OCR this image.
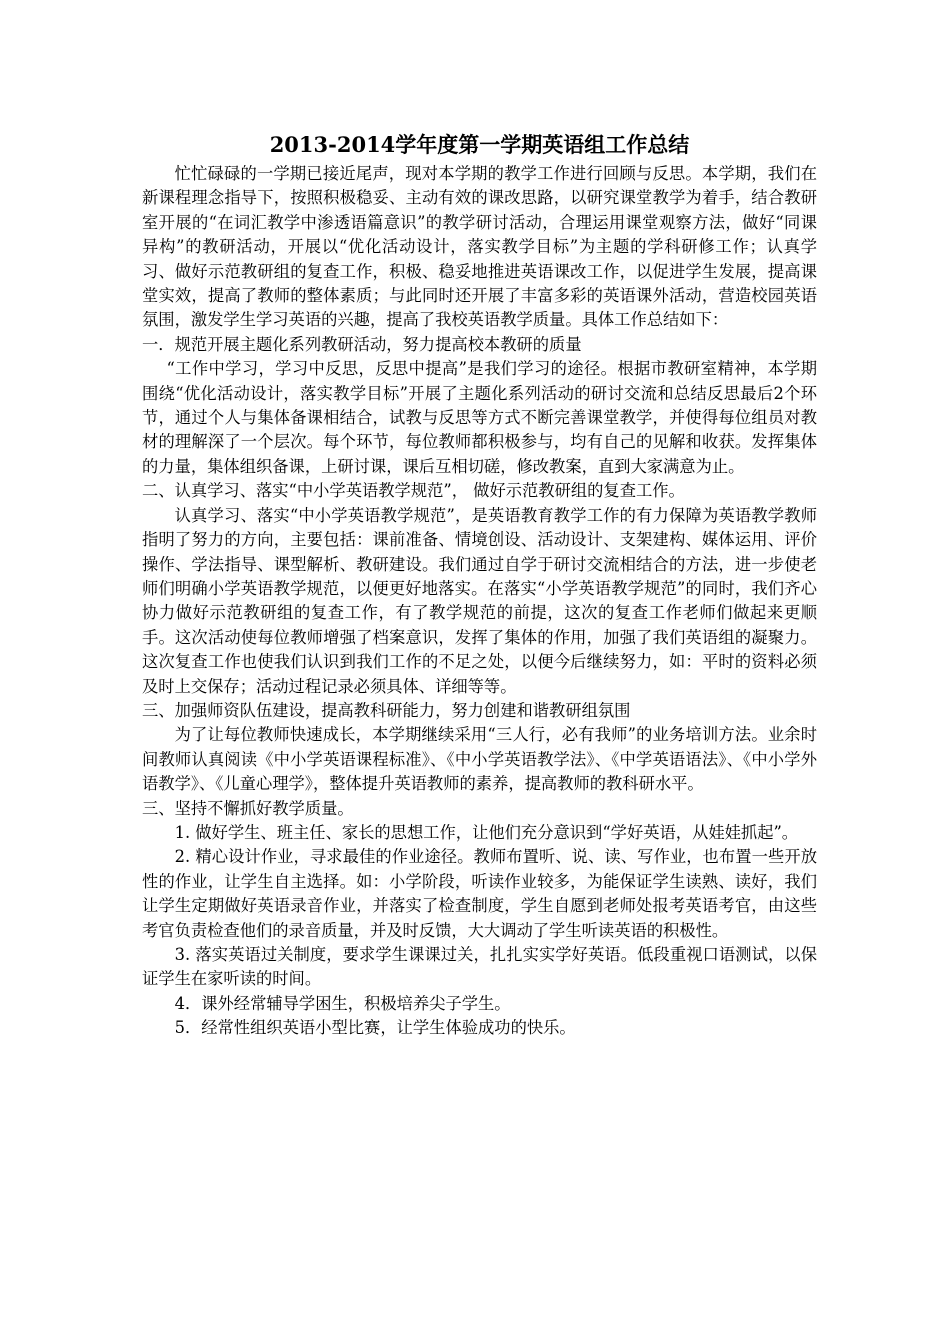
2013-2014学年度第一学期英语组工作总结

忙忙碌碌的一学期已接近尾声，现对本学期的教学工作进行回顾与反思。本学期，我们在新课程理念指导下，按照积极稳妥、主动有效的课改思路，以研究课堂教学为着手，结合教研室开展的“在词汇教学中渗透语篇意识”的教学研讨活动，合理运用课堂观察方法，做好“同课异构”的教研活动，开展以“优化活动设计，落实教学目标”为主题的学科研修工作；认真学习、做好示范教研组的复查工作，积极、稳妥地推进英语课改工作，以促进学生发展，提高课堂实效，提高了教师的整体素质；与此同时还开展了丰富多彩的英语课外活动，营造校园英语氛围，激发学生学习英语的兴趣，提高了我校英语教学质量。具体工作总结如下：

一．规范开展主题化系列教研活动，努力提高校本教研的质量

“工作中学习，学习中反思，反思中提高”是我们学习的途径。根据市教研室精神，本学期围绕“优化活动设计，落实教学目标”开展了主题化系列活动的研讨交流和总结反思最后2个环节，通过个人与集体备课相结合，试教与反思等方式不断完善课堂教学，并使得每位组员对教材的理解深了一个层次。每个环节，每位教师都积极参与，均有自己的见解和收获。发挥集体的力量，集体组织备课，上研讨课，课后互相切磋，修改教案，直到大家满意为止。

二、认真学习、落实“中小学英语教学规范”， 做好示范教研组的复查工作。

认真学习、落实“中小学英语教学规范”，是英语教育教学工作的有力保障为英语教学教师指明了努力的方向，主要包括：课前准备、情境创设、活动设计、支架建构、媒体运用、评价操作、学法指导、课型解析、教研建设。我们通过自学于研讨交流相结合的方法，进一步使老师们明确小学英语教学规范，以便更好地落实。在落实“小学英语教学规范”的同时，我们齐心协力做好示范教研组的复查工作，有了教学规范的前提，这次的复查工作老师们做起来更顺手。这次活动使每位教师增强了档案意识，发挥了集体的作用，加强了我们英语组的凝聚力。这次复查工作也使我们认识到我们工作的不足之处，以便今后继续努力，如：平时的资料必须及时上交保存；活动过程记录必须具体、详细等等。

三、加强师资队伍建设，提高教科研能力，努力创建和谐教研组氛围

为了让每位教师快速成长，本学期继续采用“三人行，必有我师”的业务培训方法。业余时间教师认真阅读《中小学英语课程标准》、《中小学英语教学法》、《中学英语语法》、《中小学外语教学》、《儿童心理学》，整体提升英语教师的素养，提高教师的教科研水平。

三、坚持不懈抓好教学质量。

1. 做好学生、班主任、家长的思想工作，让他们充分意识到“学好英语，从娃娃抓起”。

2. 精心设计作业，寻求最佳的作业途径。教师布置听、说、读、写作业，也布置一些开放性的作业，让学生自主选择。如：小学阶段，听读作业较多，为能保证学生读熟、读好，我们让学生定期做好英语录音作业，并落实了检查制度，学生自愿到老师处报考英语考官，由这些考官负责检查他们的录音质量，并及时反馈，大大调动了学生听读英语的积极性。

3. 落实英语过关制度，要求学生课课过关，扎扎实实学好英语。低段重视口语测试，以保证学生在家听读的时间。

4．课外经常辅导学困生，积极培养尖子学生。

5．经常性组织英语小型比赛，让学生体验成功的快乐。
